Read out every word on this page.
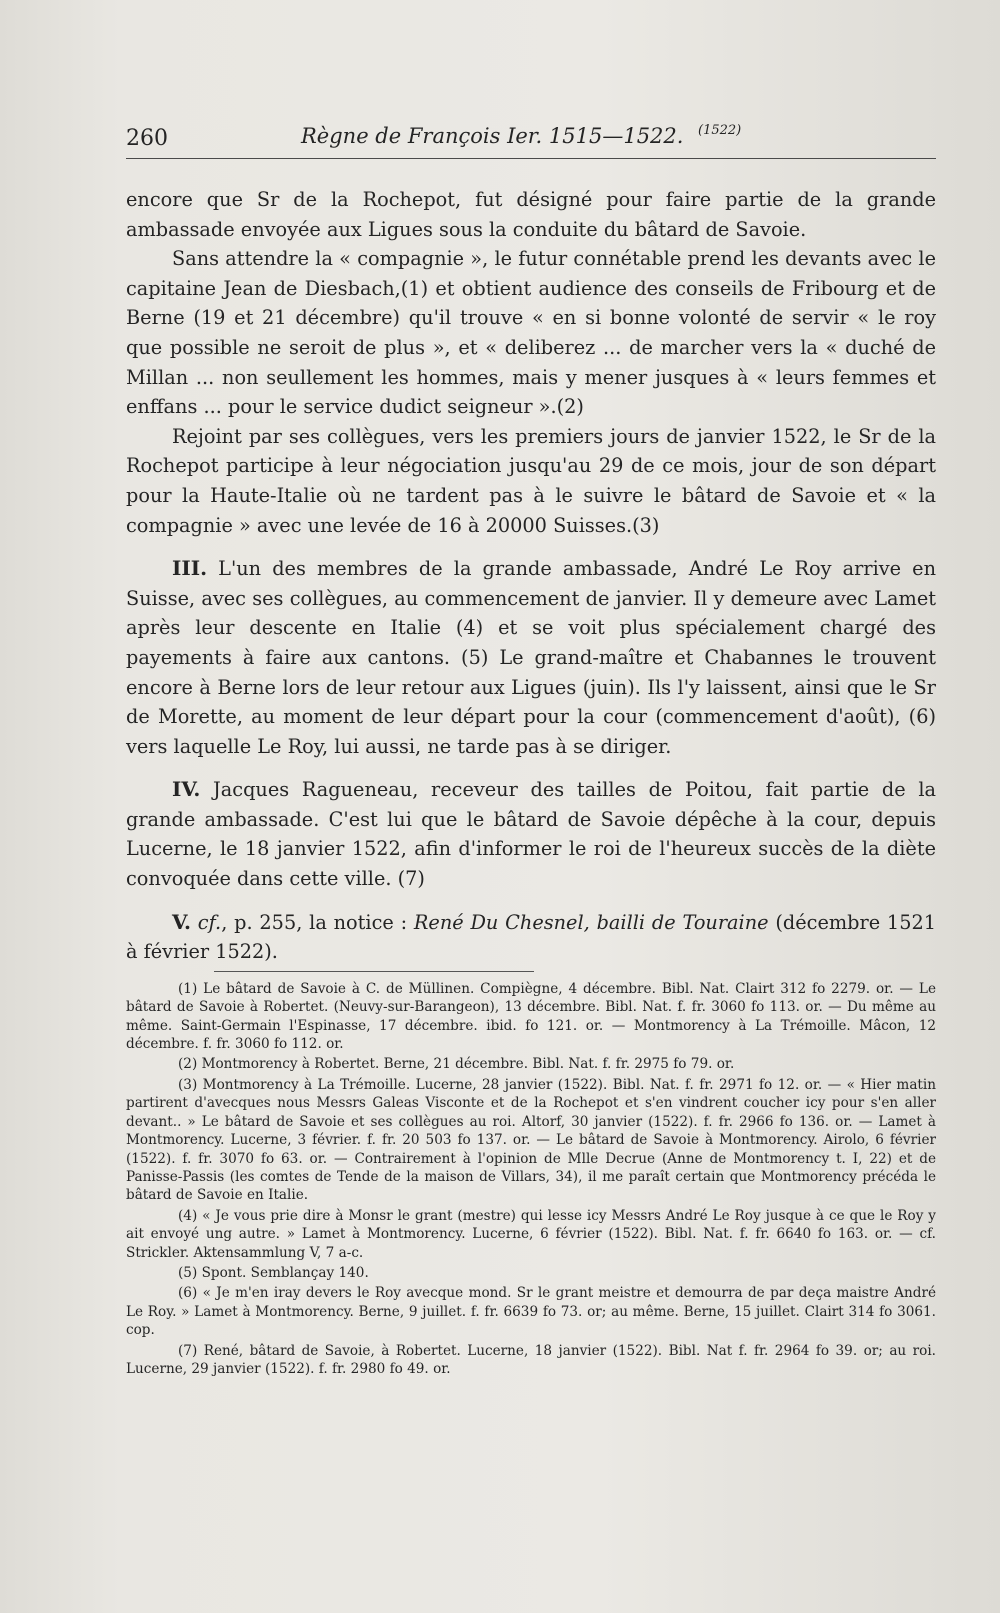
260	Règne de François Ier. 1515—1522. (1522)

encore que Sr de la Rochepot, fut désigné pour faire partie de la grande ambassade envoyée aux Ligues sous la conduite du bâtard de Savoie.

Sans attendre la « compagnie », le futur connétable prend les devants avec le capitaine Jean de Diesbach,(1) et obtient audience des conseils de Fribourg et de Berne (19 et 21 décembre) qu'il trouve « en si bonne volonté de servir « le roy que possible ne seroit de plus », et « deliberez ... de marcher vers la « duché de Millan ... non seullement les hommes, mais y mener jusques à « leurs femmes et enffans ... pour le service dudict seigneur ».(2)

Rejoint par ses collègues, vers les premiers jours de janvier 1522, le Sr de la Rochepot participe à leur négociation jusqu'au 29 de ce mois, jour de son départ pour la Haute-Italie où ne tardent pas à le suivre le bâtard de Savoie et « la compagnie » avec une levée de 16 à 20000 Suisses.(3)

III. L'un des membres de la grande ambassade, André Le Roy arrive en Suisse, avec ses collègues, au commencement de janvier. Il y demeure avec Lamet après leur descente en Italie (4) et se voit plus spécialement chargé des payements à faire aux cantons. (5) Le grand-maître et Chabannes le trouvent encore à Berne lors de leur retour aux Ligues (juin). Ils l'y laissent, ainsi que le Sr de Morette, au moment de leur départ pour la cour (commencement d'août), (6) vers laquelle Le Roy, lui aussi, ne tarde pas à se diriger.

IV. Jacques Ragueneau, receveur des tailles de Poitou, fait partie de la grande ambassade. C'est lui que le bâtard de Savoie dépêche à la cour, depuis Lucerne, le 18 janvier 1522, afin d'informer le roi de l'heureux succès de la diète convoquée dans cette ville. (7)

V. cf., p. 255, la notice : René Du Chesnel, bailli de Touraine (décembre 1521 à février 1522).

(1) Le bâtard de Savoie à C. de Müllinen. Compiègne, 4 décembre. Bibl. Nat. Clairt 312 fo 2279. or. — Le bâtard de Savoie à Robertet. (Neuvy-sur-Barangeon), 13 décembre. Bibl. Nat. f. fr. 3060 fo 113. or. — Du même au même. Saint-Germain l'Espinasse, 17 décembre. ibid. fo 121. or. — Montmorency à La Trémoille. Mâcon, 12 décembre. f. fr. 3060 fo 112. or.

(2) Montmorency à Robertet. Berne, 21 décembre. Bibl. Nat. f. fr. 2975 fo 79. or.

(3) Montmorency à La Trémoille. Lucerne, 28 janvier (1522). Bibl. Nat. f. fr. 2971 fo 12. or. — « Hier matin partirent d'avecques nous Messrs Galeas Visconte et de la Rochepot et s'en vindrent coucher icy pour s'en aller devant.. » Le bâtard de Savoie et ses collègues au roi. Altorf, 30 janvier (1522). f. fr. 2966 fo 136. or. — Lamet à Montmorency. Lucerne, 3 février. f. fr. 20 503 fo 137. or. — Le bâtard de Savoie à Montmorency. Airolo, 6 février (1522). f. fr. 3070 fo 63. or. — Contrairement à l'opinion de Mlle Decrue (Anne de Montmorency t. I, 22) et de Panisse-Passis (les comtes de Tende de la maison de Villars, 34), il me paraît certain que Montmorency précéda le bâtard de Savoie en Italie.

(4) « Je vous prie dire à Monsr le grant (mestre) qui lesse icy Messrs André Le Roy jusque à ce que le Roy y ait envoyé ung autre. » Lamet à Montmorency. Lucerne, 6 février (1522). Bibl. Nat. f. fr. 6640 fo 163. or. — cf. Strickler. Aktensammlung V, 7 a-c.

(5) Spont. Semblançay 140.

(6) « Je m'en iray devers le Roy avecque mond. Sr le grant meistre et demourra de par deça maistre André Le Roy. » Lamet à Montmorency. Berne, 9 juillet. f. fr. 6639 fo 73. or; au même. Berne, 15 juillet. Clairt 314 fo 3061. cop.

(7) René, bâtard de Savoie, à Robertet. Lucerne, 18 janvier (1522). Bibl. Nat f. fr. 2964 fo 39. or; au roi. Lucerne, 29 janvier (1522). f. fr. 2980 fo 49. or.
